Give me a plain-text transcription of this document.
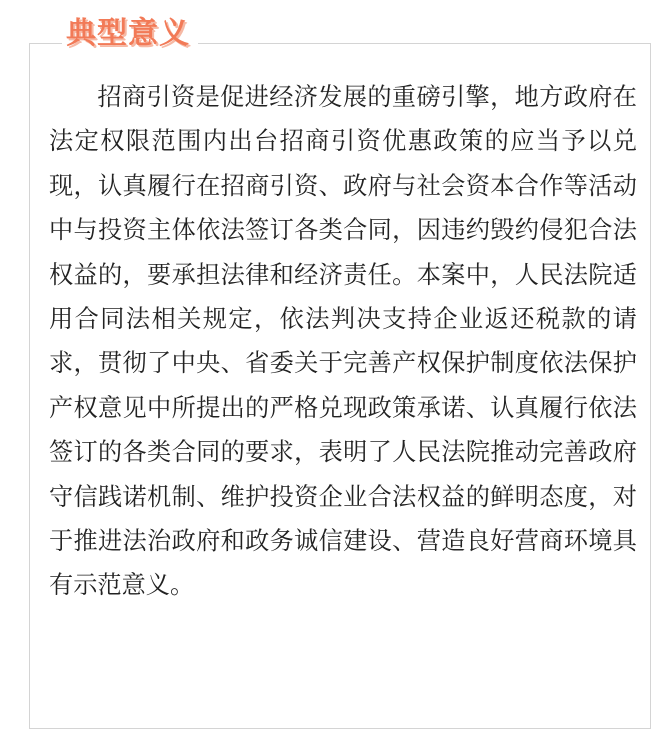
典型意义

招商引资是促进经济发展的重磅引擎，地方政府在法定权限范围内出台招商引资优惠政策的应当予以兑现，认真履行在招商引资、政府与社会资本合作等活动中与投资主体依法签订各类合同，因违约毁约侵犯合法权益的，要承担法律和经济责任。本案中，人民法院适用合同法相关规定，依法判决支持企业返还税款的请求，贯彻了中央、省委关于完善产权保护制度依法保护产权意见中所提出的严格兑现政策承诺、认真履行依法签订的各类合同的要求，表明了人民法院推动完善政府守信践诺机制、维护投资企业合法权益的鲜明态度，对于推进法治政府和政务诚信建设、营造良好营商环境具有示范意义。
